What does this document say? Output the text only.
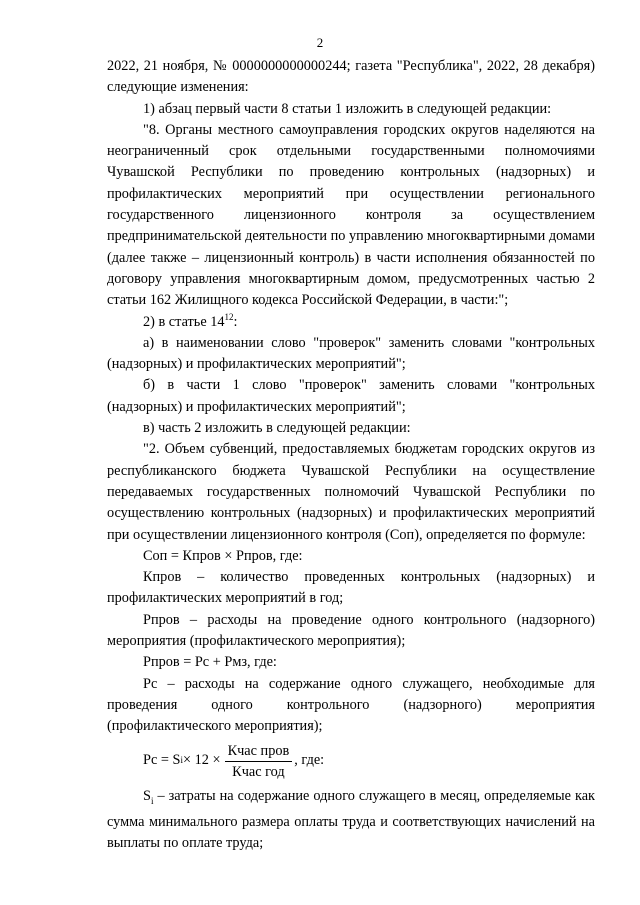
2

2022, 21 ноября, № 0000000000000244; газета "Республика", 2022, 28 декабря) следующие изменения:

1) абзац первый части 8 статьи 1 изложить в следующей редакции:

"8. Органы местного самоуправления городских округов наделяются на неограниченный срок отдельными государственными полномочиями Чувашской Республики по проведению контрольных (надзорных) и профилактических мероприятий при осуществлении регионального государственного лицензионного контроля за осуществлением предпринимательской деятельности по управлению многоквартирными домами (далее также – лицензионный контроль) в части исполнения обязанностей по договору управления многоквартирным домом, предусмотренных частью 2 статьи 162 Жилищного кодекса Российской Федерации, в части:";

2) в статье $14^{12}$:

a) в наименовании слово "проверок" заменить словами "контрольных (надзорных) и профилактических мероприятий";

б) в части 1 слово "проверок" заменить словами "контрольных (надзорных) и профилактических мероприятий";

в) часть 2 изложить в следующей редакции:

"2. Объем субвенций, предоставляемых бюджетам городских округов из республиканского бюджета Чувашской Республики на осуществление передаваемых государственных полномочий Чувашской Республики по осуществлению контрольных (надзорных) и профилактических мероприятий при осуществлении лицензионного контроля (Соп), определяется по формуле:

Соп = Кпров × Рпров, где:

Кпров – количество проведенных контрольных (надзорных) и профилактических мероприятий в год;

Рпров – расходы на проведение одного контрольного (надзорного) мероприятия (профилактического мероприятия);

Рпров = Рс + Рмз, где:

Рс – расходы на содержание одного служащего, необходимые для проведения одного контрольного (надзорного) мероприятия (профилактического мероприятия);

Рс = S $i \times 12 \times \frac{\text{Кчас пров}}{\text{Кчас год}}$ , где:

$S_i$ – затраты на содержание одного служащего в месяц, определяемые как сумма минимального размера оплаты труда и соответствующих начислений на выплаты по оплате труда;
